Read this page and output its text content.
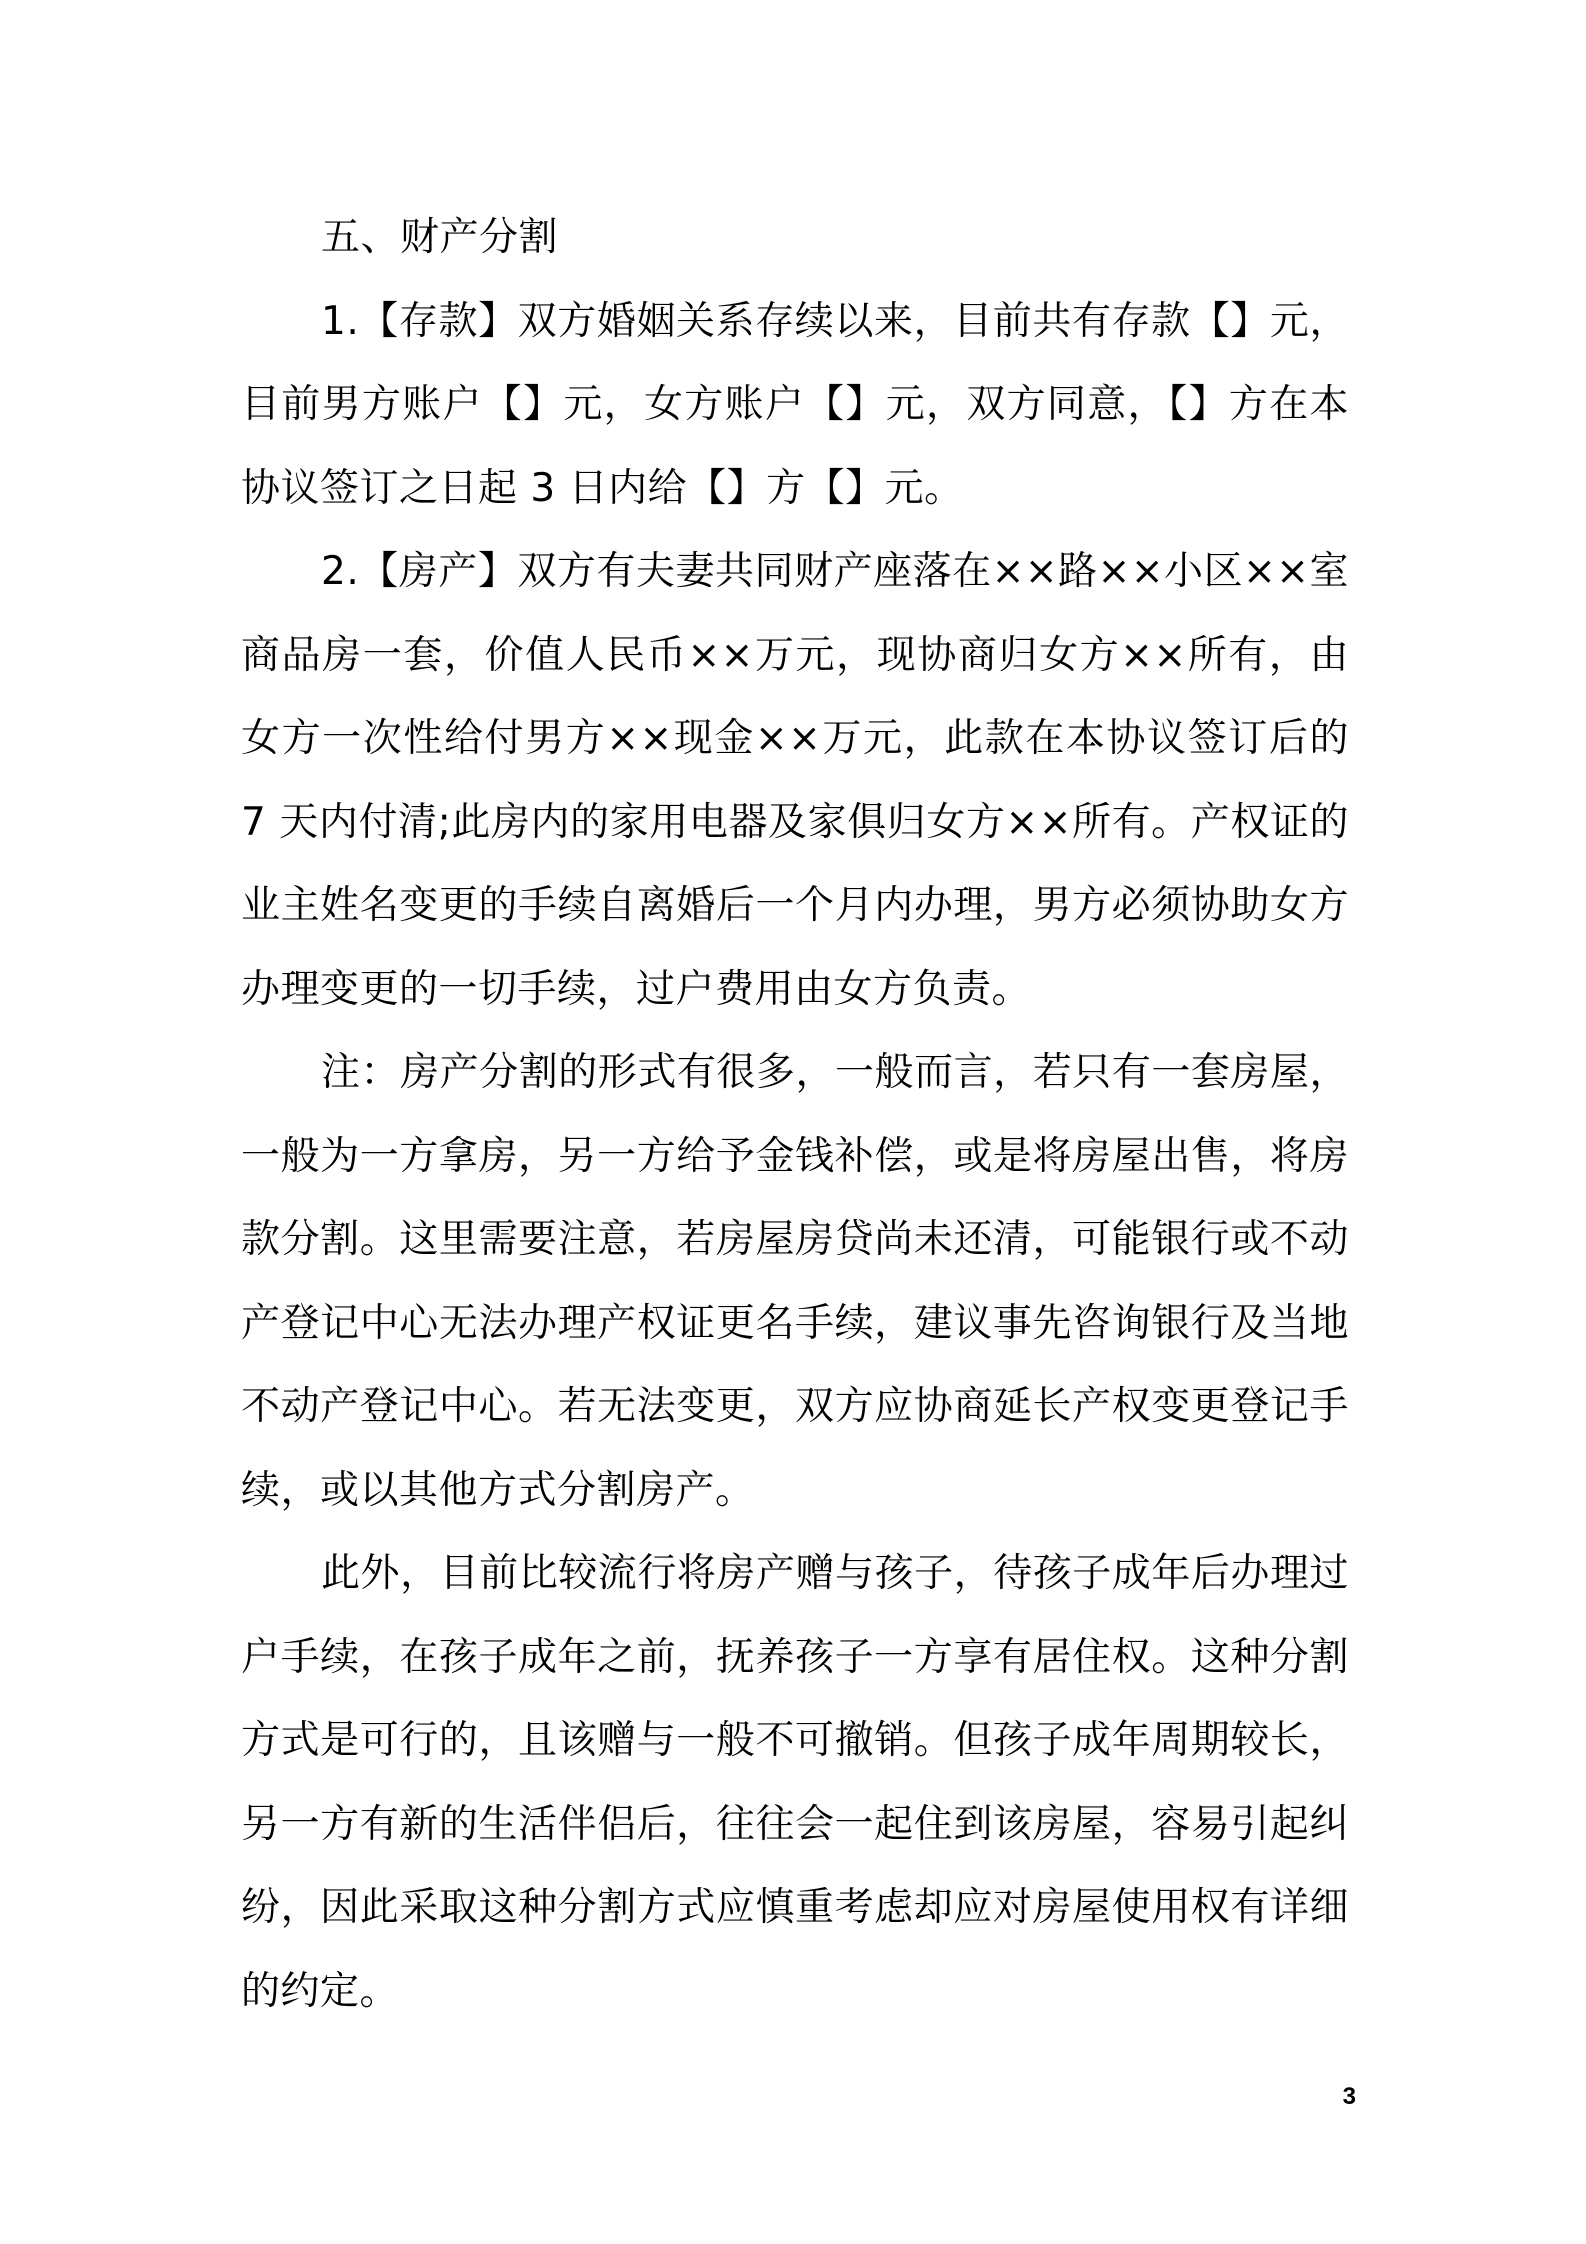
五、财产分割

1.【存款】双方婚姻关系存续以来，目前共有存款【】元，目前男方账户【】元，女方账户【】元，双方同意，【】方在本协议签订之日起 3 日内给【】方【】元。

2.【房产】双方有夫妻共同财产座落在××路××小区××室商品房一套，价值人民币××万元，现协商归女方××所有，由女方一次性给付男方××现金××万元，此款在本协议签订后的 7 天内付清;此房内的家用电器及家俱归女方××所有。产权证的业主姓名变更的手续自离婚后一个月内办理，男方必须协助女方办理变更的一切手续，过户费用由女方负责。

注：房产分割的形式有很多，一般而言，若只有一套房屋，一般为一方拿房，另一方给予金钱补偿，或是将房屋出售，将房款分割。这里需要注意，若房屋房贷尚未还清，可能银行或不动产登记中心无法办理产权证更名手续，建议事先咨询银行及当地不动产登记中心。若无法变更，双方应协商延长产权变更登记手续，或以其他方式分割房产。

此外，目前比较流行将房产赠与孩子，待孩子成年后办理过户手续，在孩子成年之前，抚养孩子一方享有居住权。这种分割方式是可行的，且该赠与一般不可撤销。但孩子成年周期较长，另一方有新的生活伴侣后，往往会一起住到该房屋，容易引起纠纷，因此采取这种分割方式应慎重考虑却应对房屋使用权有详细的约定。

3
